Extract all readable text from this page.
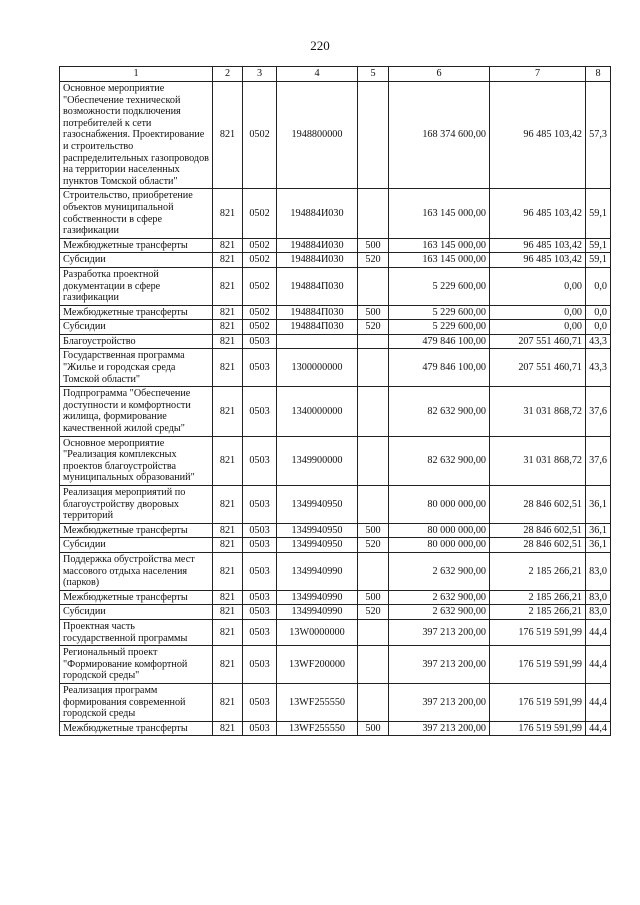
220
1	2	3	4	5	6	7	8
Основное мероприятие "Обеспечение технической возможности подключения потребителей к сети газоснабжения. Проектирование и строительство распределительных газопроводов на территории населенных пунктов Томской области"	821	0502	1948800000		168 374 600,00	96 485 103,42	57,3
Строительство, приобретение объектов муниципальной собственности в сфере газификации	821	0502	194884И030		163 145 000,00	96 485 103,42	59,1
Межбюджетные трансферты	821	0502	194884И030	500	163 145 000,00	96 485 103,42	59,1
Субсидии	821	0502	194884И030	520	163 145 000,00	96 485 103,42	59,1
Разработка проектной документации в сфере газификации	821	0502	194884П030		5 229 600,00	0,00	0,0
Межбюджетные трансферты	821	0502	194884П030	500	5 229 600,00	0,00	0,0
Субсидии	821	0502	194884П030	520	5 229 600,00	0,00	0,0
Благоустройство	821	0503			479 846 100,00	207 551 460,71	43,3
Государственная программа "Жилье и городская среда Томской области"	821	0503	1300000000		479 846 100,00	207 551 460,71	43,3
Подпрограмма "Обеспечение доступности и комфортности жилища, формирование качественной жилой среды"	821	0503	1340000000		82 632 900,00	31 031 868,72	37,6
Основное мероприятие "Реализация комплексных проектов благоустройства муниципальных образований"	821	0503	1349900000		82 632 900,00	31 031 868,72	37,6
Реализация мероприятий по благоустройству дворовых территорий	821	0503	1349940950		80 000 000,00	28 846 602,51	36,1
Межбюджетные трансферты	821	0503	1349940950	500	80 000 000,00	28 846 602,51	36,1
Субсидии	821	0503	1349940950	520	80 000 000,00	28 846 602,51	36,1
Поддержка обустройства мест массового отдыха населения (парков)	821	0503	1349940990		2 632 900,00	2 185 266,21	83,0
Межбюджетные трансферты	821	0503	1349940990	500	2 632 900,00	2 185 266,21	83,0
Субсидии	821	0503	1349940990	520	2 632 900,00	2 185 266,21	83,0
Проектная часть государственной программы	821	0503	13W0000000		397 213 200,00	176 519 591,99	44,4
Региональный проект "Формирование комфортной городской среды"	821	0503	13WF200000		397 213 200,00	176 519 591,99	44,4
Реализация программ формирования современной городской среды	821	0503	13WF255550		397 213 200,00	176 519 591,99	44,4
Межбюджетные трансферты	821	0503	13WF255550	500	397 213 200,00	176 519 591,99	44,4
